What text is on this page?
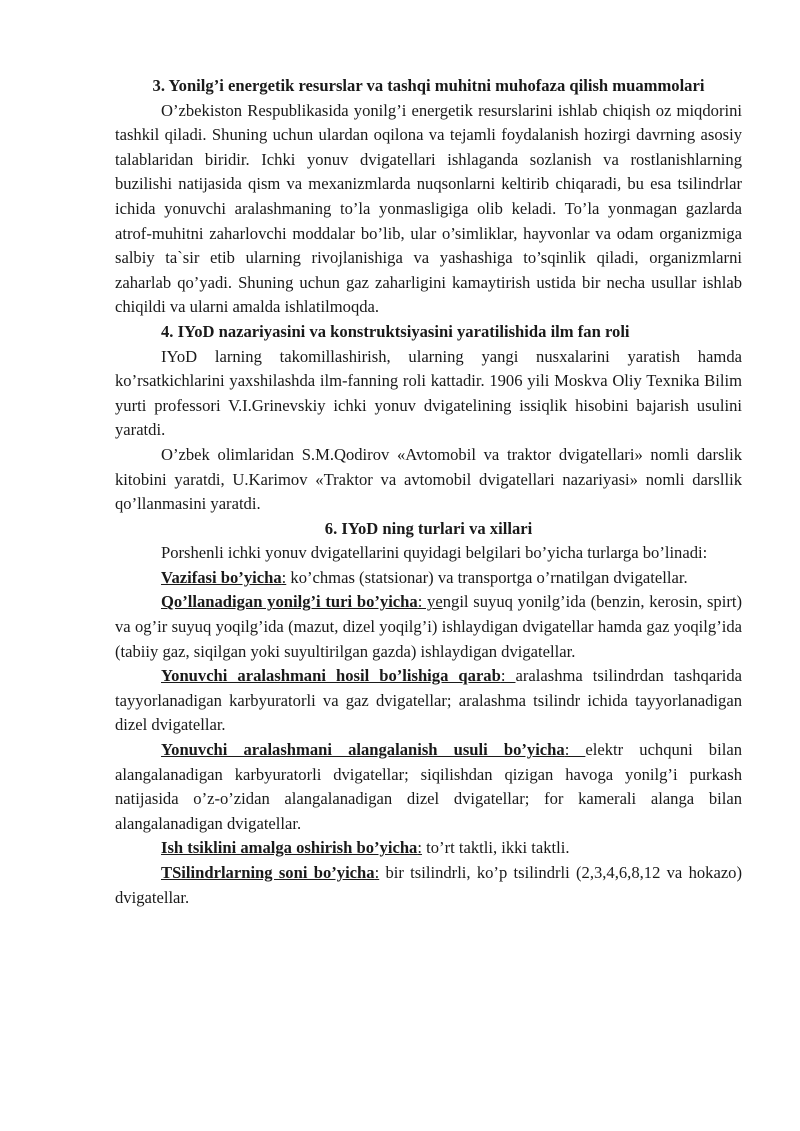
3. Yonilg’i energetik resurslar va tashqi muhitni muhofaza qilish muammolari

O’zbekiston Respublikasida yonilg’i energetik resurslarini ishlab chiqish oz miqdorini tashkil qiladi. Shuning uchun ulardan oqilona va tejamli foydalanish hozirgi davrning asosiy talablaridan biridir. Ichki yonuv dvigatellari ishlaganda sozlanish va rostlanishlarning buzilishi natijasida qism va mexanizmlarda nuqsonlarni keltirib chiqaradi, bu esa tsilindrlar ichida yonuvchi aralashmaning to’la yonmasligiga olib keladi. To’la yonmagan gazlarda atrof-muhitni zaharlovchi moddalar bo’lib, ular o’simliklar, hayvonlar va odam organizmiga salbiy ta`sir etib ularning rivojlanishiga va yashashiga to’sqinlik qiladi, organizmlarni zaharlab qo’yadi. Shuning uchun gaz zaharligini kamaytirish ustida bir necha usullar ishlab chiqildi va ularni amalda ishlatilmoqda.

4. IYoD nazariyasini va konstruktsiyasini yaratilishida ilm fan roli

IYoD larning takomillashirish, ularning yangi nusxalarini yaratish hamda ko’rsatkichlarini yaxshilashda ilm-fanning roli kattadir. 1906 yili Moskva Oliy Texnika Bilim yurti professori V.I.Grinevskiy ichki yonuv dvigatelining issiqlik hisobini bajarish usulini yaratdi.

O’zbek olimlaridan S.M.Qodirov «Avtomobil va traktor dvigatellari» nomli darslik kitobini yaratdi, U.Karimov «Traktor va avtomobil dvigatellari nazariyasi» nomli darsllik qo’llanmasini yaratdi.

6. IYoD ning turlari va xillari

Porshenli ichki yonuv dvigatellarini quyidagi belgilari bo’yicha turlarga bo’linadi:

Vazifasi bo’yicha: ko’chmas (statsionar) va transportga o’rnatilgan dvigatellar.

Qo’llanadigan yonilg’i turi bo’yicha: yengil suyuq yonilg’ida (benzin, kerosin, spirt) va og’ir suyuq yoqilg’ida (mazut, dizel yoqilg’i) ishlaydigan dvigatellar hamda gaz yoqilg’ida (tabiiy gaz, siqilgan yoki suyultirilgan gazda) ishlaydigan dvigatellar.

Yonuvchi aralashmani hosil bo’lishiga qarab: aralashma tsilindrdan tashqarida tayyorlanadigan karbyuratorli va gaz dvigatellar; aralashma tsilindr ichida tayyorlanadigan dizel dvigatellar.

Yonuvchi aralashmani alangalanish usuli bo’yicha: elektr uchquni bilan alangalanadigan karbyuratorli dvigatellar; siqilishdan qizigan havoga yonilg’i purkash natijasida o’z-o’zidan alangalanadigan dizel dvigatellar; for kamerali alanga bilan alangalanadigan dvigatellar.

Ish tsiklini amalga oshirish bo’yicha: to’rt taktli, ikki taktli.

TSilindrlarning soni bo’yicha: bir tsilindrli, ko’p tsilindrli (2,3,4,6,8,12 va hokazo) dvigatellar.
